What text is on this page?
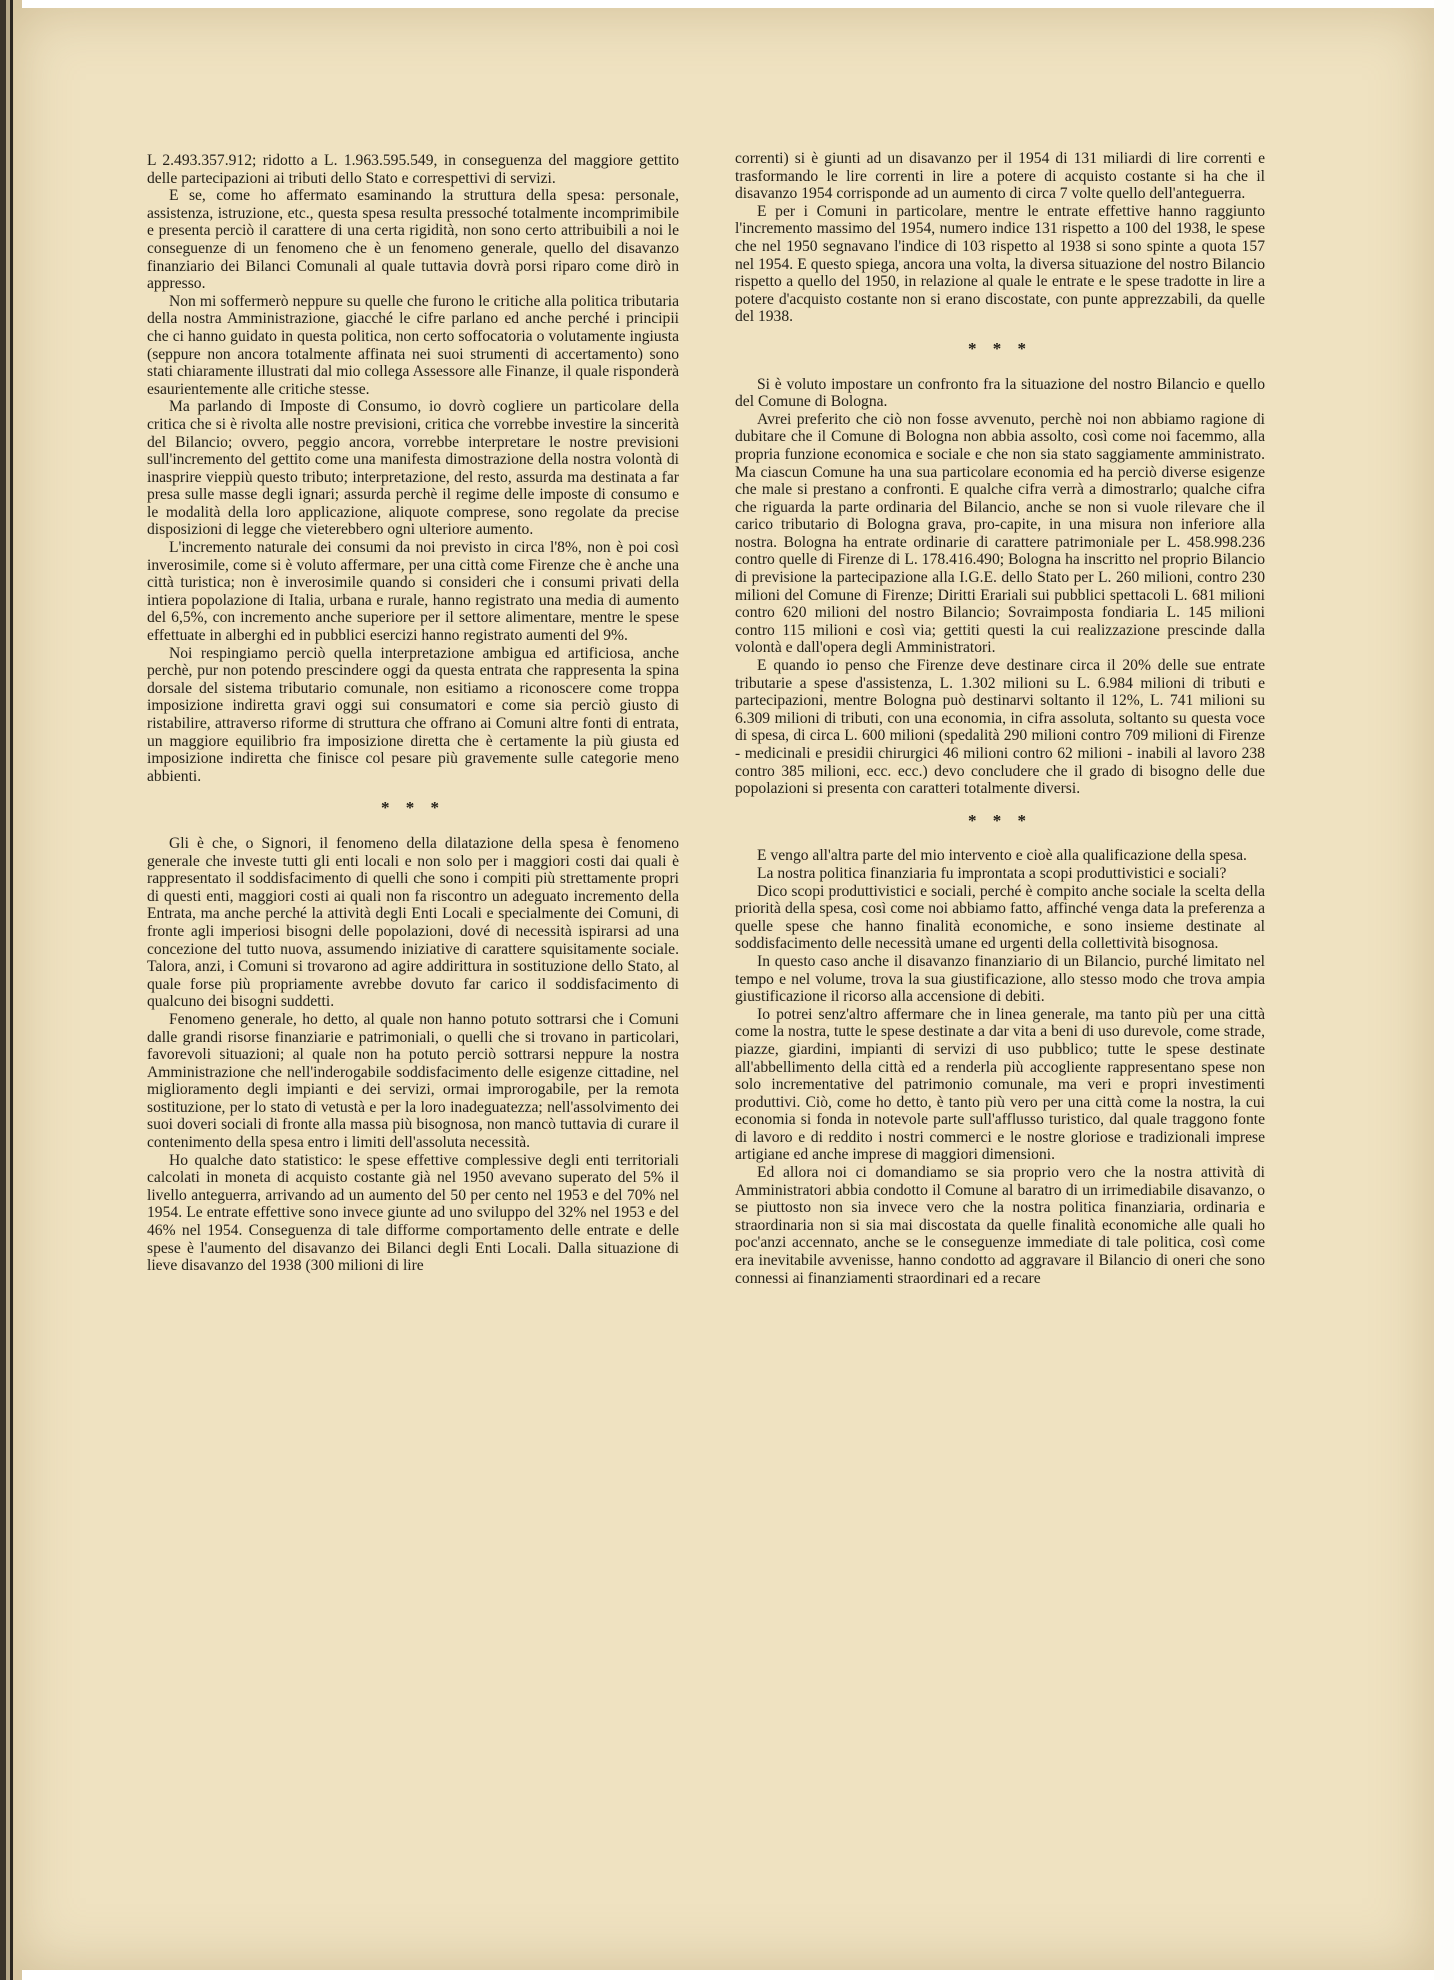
L 2.493.357.912; ridotto a L. 1.963.595.549, in conseguenza del maggiore gettito delle partecipazioni ai tributi dello Stato e correspettivi di servizi.

E se, come ho affermato esaminando la struttura della spesa: personale, assistenza, istruzione, etc., questa spesa resulta pressoché totalmente incomprimibile e presenta perciò il carattere di una certa rigidità, non sono certo attribuibili a noi le conseguenze di un fenomeno che è un fenomeno generale, quello del disavanzo finanziario dei Bilanci Comunali al quale tuttavia dovrà porsi riparo come dirò in appresso.

Non mi soffermerò neppure su quelle che furono le critiche alla politica tributaria della nostra Amministrazione, giacché le cifre parlano ed anche perché i principii che ci hanno guidato in questa politica, non certo soffocatoria o volutamente ingiusta (seppure non ancora totalmente affinata nei suoi strumenti di accertamento) sono stati chiaramente illustrati dal mio collega Assessore alle Finanze, il quale risponderà esaurientemente alle critiche stesse.

Ma parlando di Imposte di Consumo, io dovrò cogliere un particolare della critica che si è rivolta alle nostre previsioni, critica che vorrebbe investire la sincerità del Bilancio; ovvero, peggio ancora, vorrebbe interpretare le nostre previsioni sull'incremento del gettito come una manifesta dimostrazione della nostra volontà di inasprire vieppiù questo tributo; interpretazione, del resto, assurda ma destinata a far presa sulle masse degli ignari; assurda perchè il regime delle imposte di consumo e le modalità della loro applicazione, aliquote comprese, sono regolate da precise disposizioni di legge che vieterebbero ogni ulteriore aumento.

L'incremento naturale dei consumi da noi previsto in circa l'8%, non è poi così inverosimile, come si è voluto affermare, per una città come Firenze che è anche una città turistica; non è inverosimile quando si consideri che i consumi privati della intiera popolazione di Italia, urbana e rurale, hanno registrato una media di aumento del 6,5%, con incremento anche superiore per il settore alimentare, mentre le spese effettuate in alberghi ed in pubblici esercizi hanno registrato aumenti del 9%.

Noi respingiamo perciò quella interpretazione ambigua ed artificiosa, anche perchè, pur non potendo prescindere oggi da questa entrata che rappresenta la spina dorsale del sistema tributario comunale, non esitiamo a riconoscere come troppa imposizione indiretta gravi oggi sui consumatori e come sia perciò giusto di ristabilire, attraverso riforme di struttura che offrano ai Comuni altre fonti di entrata, un maggiore equilibrio fra imposizione diretta che è certamente la più giusta ed imposizione indiretta che finisce col pesare più gravemente sulle categorie meno abbienti.

* * *

Gli è che, o Signori, il fenomeno della dilatazione della spesa è fenomeno generale che investe tutti gli enti locali e non solo per i maggiori costi dai quali è rappresentato il soddisfacimento di quelli che sono i compiti più strettamente propri di questi enti, maggiori costi ai quali non fa riscontro un adeguato incremento della Entrata, ma anche perché la attività degli Enti Locali e specialmente dei Comuni, di fronte agli imperiosi bisogni delle popolazioni, dové di necessità ispirarsi ad una concezione del tutto nuova, assumendo iniziative di carattere squisitamente sociale. Talora, anzi, i Comuni si trovarono ad agire addirittura in sostituzione dello Stato, al quale forse più propriamente avrebbe dovuto far carico il soddisfacimento di qualcuno dei bisogni suddetti.

Fenomeno generale, ho detto, al quale non hanno potuto sottrarsi che i Comuni dalle grandi risorse finanziarie e patrimoniali, o quelli che si trovano in particolari, favorevoli situazioni; al quale non ha potuto perciò sottrarsi neppure la nostra Amministrazione che nell'inderogabile soddisfacimento delle esigenze cittadine, nel miglioramento degli impianti e dei servizi, ormai improrogabile, per la remota sostituzione, per lo stato di vetustà e per la loro inadeguatezza; nell'assolvimento dei suoi doveri sociali di fronte alla massa più bisognosa, non mancò tuttavia di curare il contenimento della spesa entro i limiti dell'assoluta necessità.

Ho qualche dato statistico: le spese effettive complessive degli enti territoriali calcolati in moneta di acquisto costante già nel 1950 avevano superato del 5% il livello anteguerra, arrivando ad un aumento del 50 per cento nel 1953 e del 70% nel 1954. Le entrate effettive sono invece giunte ad uno sviluppo del 32% nel 1953 e del 46% nel 1954. Conseguenza di tale difforme comportamento delle entrate e delle spese è l'aumento del disavanzo dei Bilanci degli Enti Locali. Dalla situazione di lieve disavanzo del 1938 (300 milioni di lire

correnti) si è giunti ad un disavanzo per il 1954 di 131 miliardi di lire correnti e trasformando le lire correnti in lire a potere di acquisto costante si ha che il disavanzo 1954 corrisponde ad un aumento di circa 7 volte quello dell'anteguerra.

E per i Comuni in particolare, mentre le entrate effettive hanno raggiunto l'incremento massimo del 1954, numero indice 131 rispetto a 100 del 1938, le spese che nel 1950 segnavano l'indice di 103 rispetto al 1938 si sono spinte a quota 157 nel 1954. E questo spiega, ancora una volta, la diversa situazione del nostro Bilancio rispetto a quello del 1950, in relazione al quale le entrate e le spese tradotte in lire a potere d'acquisto costante non si erano discostate, con punte apprezzabili, da quelle del 1938.

* * *

Si è voluto impostare un confronto fra la situazione del nostro Bilancio e quello del Comune di Bologna.

Avrei preferito che ciò non fosse avvenuto, perchè noi non abbiamo ragione di dubitare che il Comune di Bologna non abbia assolto, così come noi facemmo, alla propria funzione economica e sociale e che non sia stato saggiamente amministrato. Ma ciascun Comune ha una sua particolare economia ed ha perciò diverse esigenze che male si prestano a confronti. E qualche cifra verrà a dimostrarlo; qualche cifra che riguarda la parte ordinaria del Bilancio, anche se non si vuole rilevare che il carico tributario di Bologna grava, pro-capite, in una misura non inferiore alla nostra. Bologna ha entrate ordinarie di carattere patrimoniale per L. 458.998.236 contro quelle di Firenze di L. 178.416.490; Bologna ha inscritto nel proprio Bilancio di previsione la partecipazione alla I.G.E. dello Stato per L. 260 milioni, contro 230 milioni del Comune di Firenze; Diritti Erariali sui pubblici spettacoli L. 681 milioni contro 620 milioni del nostro Bilancio; Sovraimposta fondiaria L. 145 milioni contro 115 milioni e così via; gettiti questi la cui realizzazione prescinde dalla volontà e dall'opera degli Amministratori.

E quando io penso che Firenze deve destinare circa il 20% delle sue entrate tributarie a spese d'assistenza, L. 1.302 milioni su L. 6.984 milioni di tributi e partecipazioni, mentre Bologna può destinarvi soltanto il 12%, L. 741 milioni su 6.309 milioni di tributi, con una economia, in cifra assoluta, soltanto su questa voce di spesa, di circa L. 600 milioni (spedalità 290 milioni contro 709 milioni di Firenze - medicinali e presidii chirurgici 46 milioni contro 62 milioni - inabili al lavoro 238 contro 385 milioni, ecc. ecc.) devo concludere che il grado di bisogno delle due popolazioni si presenta con caratteri totalmente diversi.

* * *

E vengo all'altra parte del mio intervento e cioè alla qualificazione della spesa.

La nostra politica finanziaria fu improntata a scopi produttivistici e sociali?

Dico scopi produttivistici e sociali, perché è compito anche sociale la scelta della priorità della spesa, così come noi abbiamo fatto, affinché venga data la preferenza a quelle spese che hanno finalità economiche, e sono insieme destinate al soddisfacimento delle necessità umane ed urgenti della collettività bisognosa.

In questo caso anche il disavanzo finanziario di un Bilancio, purché limitato nel tempo e nel volume, trova la sua giustificazione, allo stesso modo che trova ampia giustificazione il ricorso alla accensione di debiti.

Io potrei senz'altro affermare che in linea generale, ma tanto più per una città come la nostra, tutte le spese destinate a dar vita a beni di uso durevole, come strade, piazze, giardini, impianti di servizi di uso pubblico; tutte le spese destinate all'abbellimento della città ed a renderla più accogliente rappresentano spese non solo incrementative del patrimonio comunale, ma veri e propri investimenti produttivi. Ciò, come ho detto, è tanto più vero per una città come la nostra, la cui economia si fonda in notevole parte sull'afflusso turistico, dal quale traggono fonte di lavoro e di reddito i nostri commerci e le nostre gloriose e tradizionali imprese artigiane ed anche imprese di maggiori dimensioni.

Ed allora noi ci domandiamo se sia proprio vero che la nostra attività di Amministratori abbia condotto il Comune al baratro di un irrimediabile disavanzo, o se piuttosto non sia invece vero che la nostra politica finanziaria, ordinaria e straordinaria non si sia mai discostata da quelle finalità economiche alle quali ho poc'anzi accennato, anche se le conseguenze immediate di tale politica, così come era inevitabile avvenisse, hanno condotto ad aggravare il Bilancio di oneri che sono connessi ai finanziamenti straordinari ed a recare
